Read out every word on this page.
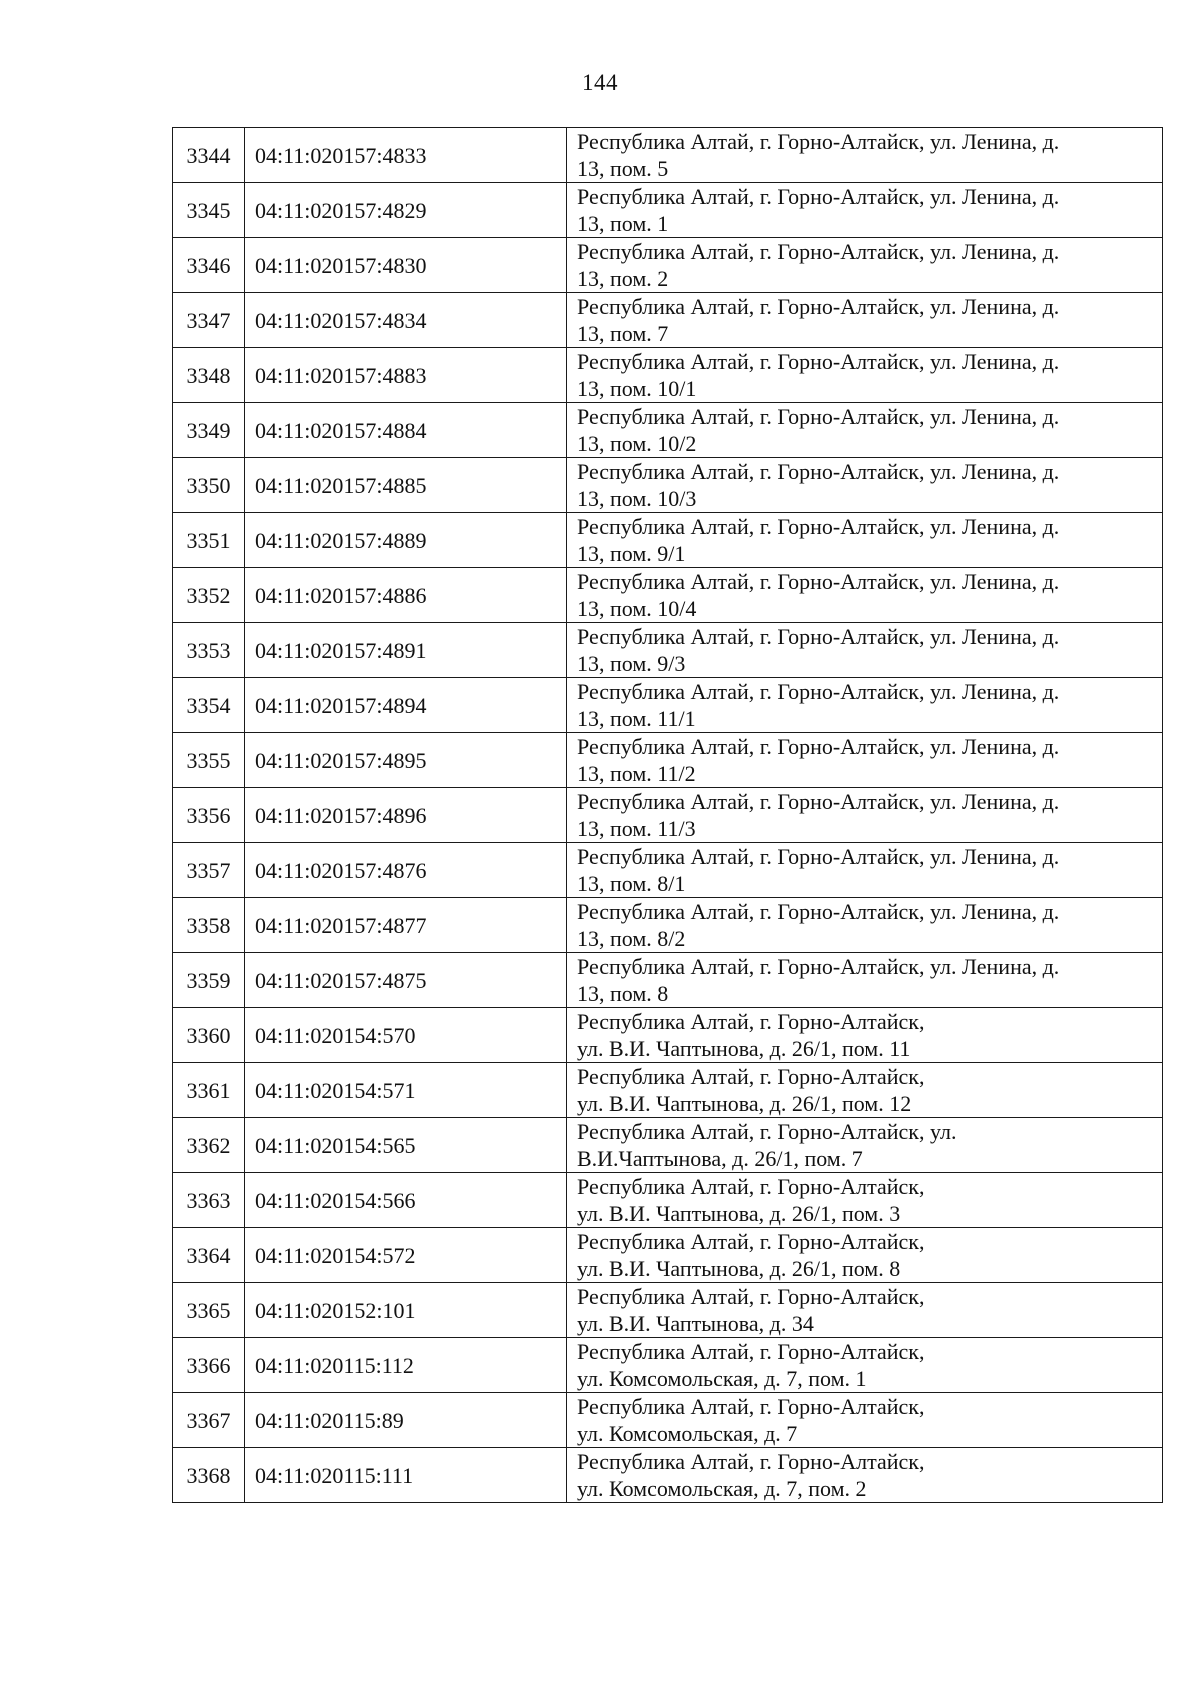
144
3344	04:11:020157:4833	Республика Алтай, г. Горно-Алтайск, ул. Ленина, д.
13, пом. 5

3345	04:11:020157:4829	Республика Алтай, г. Горно-Алтайск, ул. Ленина, д.
13, пом. 1

3346	04:11:020157:4830	Республика Алтай, г. Горно-Алтайск, ул. Ленина, д.
13, пом. 2

3347	04:11:020157:4834	Республика Алтай, г. Горно-Алтайск, ул. Ленина, д.
13, пом. 7

3348	04:11:020157:4883	Республика Алтай, г. Горно-Алтайск, ул. Ленина, д.
13, пом. 10/1

3349	04:11:020157:4884	Республика Алтай, г. Горно-Алтайск, ул. Ленина, д.
13, пом. 10/2

3350	04:11:020157:4885	Республика Алтай, г. Горно-Алтайск, ул. Ленина, д.
13, пом. 10/3

3351	04:11:020157:4889	Республика Алтай, г. Горно-Алтайск, ул. Ленина, д.
13, пом. 9/1

3352	04:11:020157:4886	Республика Алтай, г. Горно-Алтайск, ул. Ленина, д.
13, пом. 10/4

3353	04:11:020157:4891	Республика Алтай, г. Горно-Алтайск, ул. Ленина, д.
13, пом. 9/3

3354	04:11:020157:4894	Республика Алтай, г. Горно-Алтайск, ул. Ленина, д.
13, пом. 11/1

3355	04:11:020157:4895	Республика Алтай, г. Горно-Алтайск, ул. Ленина, д.
13, пом. 11/2

3356	04:11:020157:4896	Республика Алтай, г. Горно-Алтайск, ул. Ленина, д.
13, пом. 11/3

3357	04:11:020157:4876	Республика Алтай, г. Горно-Алтайск, ул. Ленина, д.
13, пом. 8/1

3358	04:11:020157:4877	Республика Алтай, г. Горно-Алтайск, ул. Ленина, д.
13, пом. 8/2

3359	04:11:020157:4875	Республика Алтай, г. Горно-Алтайск, ул. Ленина, д.
13, пом. 8

3360	04:11:020154:570	Республика Алтай, г. Горно-Алтайск,
ул. В.И. Чаптынова, д. 26/1, пом. 11

3361	04:11:020154:571	Республика Алтай, г. Горно-Алтайск,
ул. В.И. Чаптынова, д. 26/1, пом. 12

3362	04:11:020154:565	Республика Алтай, г. Горно-Алтайск, ул.
В.И.Чаптынова, д. 26/1, пом. 7

3363	04:11:020154:566	Республика Алтай, г. Горно-Алтайск,
ул. В.И. Чаптынова, д. 26/1, пом. 3

3364	04:11:020154:572	Республика Алтай, г. Горно-Алтайск,
ул. В.И. Чаптынова, д. 26/1, пом. 8

3365	04:11:020152:101	Республика Алтай, г. Горно-Алтайск,
ул. В.И. Чаптынова, д. 34

3366	04:11:020115:112	Республика Алтай, г. Горно-Алтайск,
ул. Комсомольская, д. 7, пом. 1

3367	04:11:020115:89	Республика Алтай, г. Горно-Алтайск,
ул. Комсомольская, д. 7

3368	04:11:020115:111	Республика Алтай, г. Горно-Алтайск,
ул. Комсомольская, д. 7, пом. 2
